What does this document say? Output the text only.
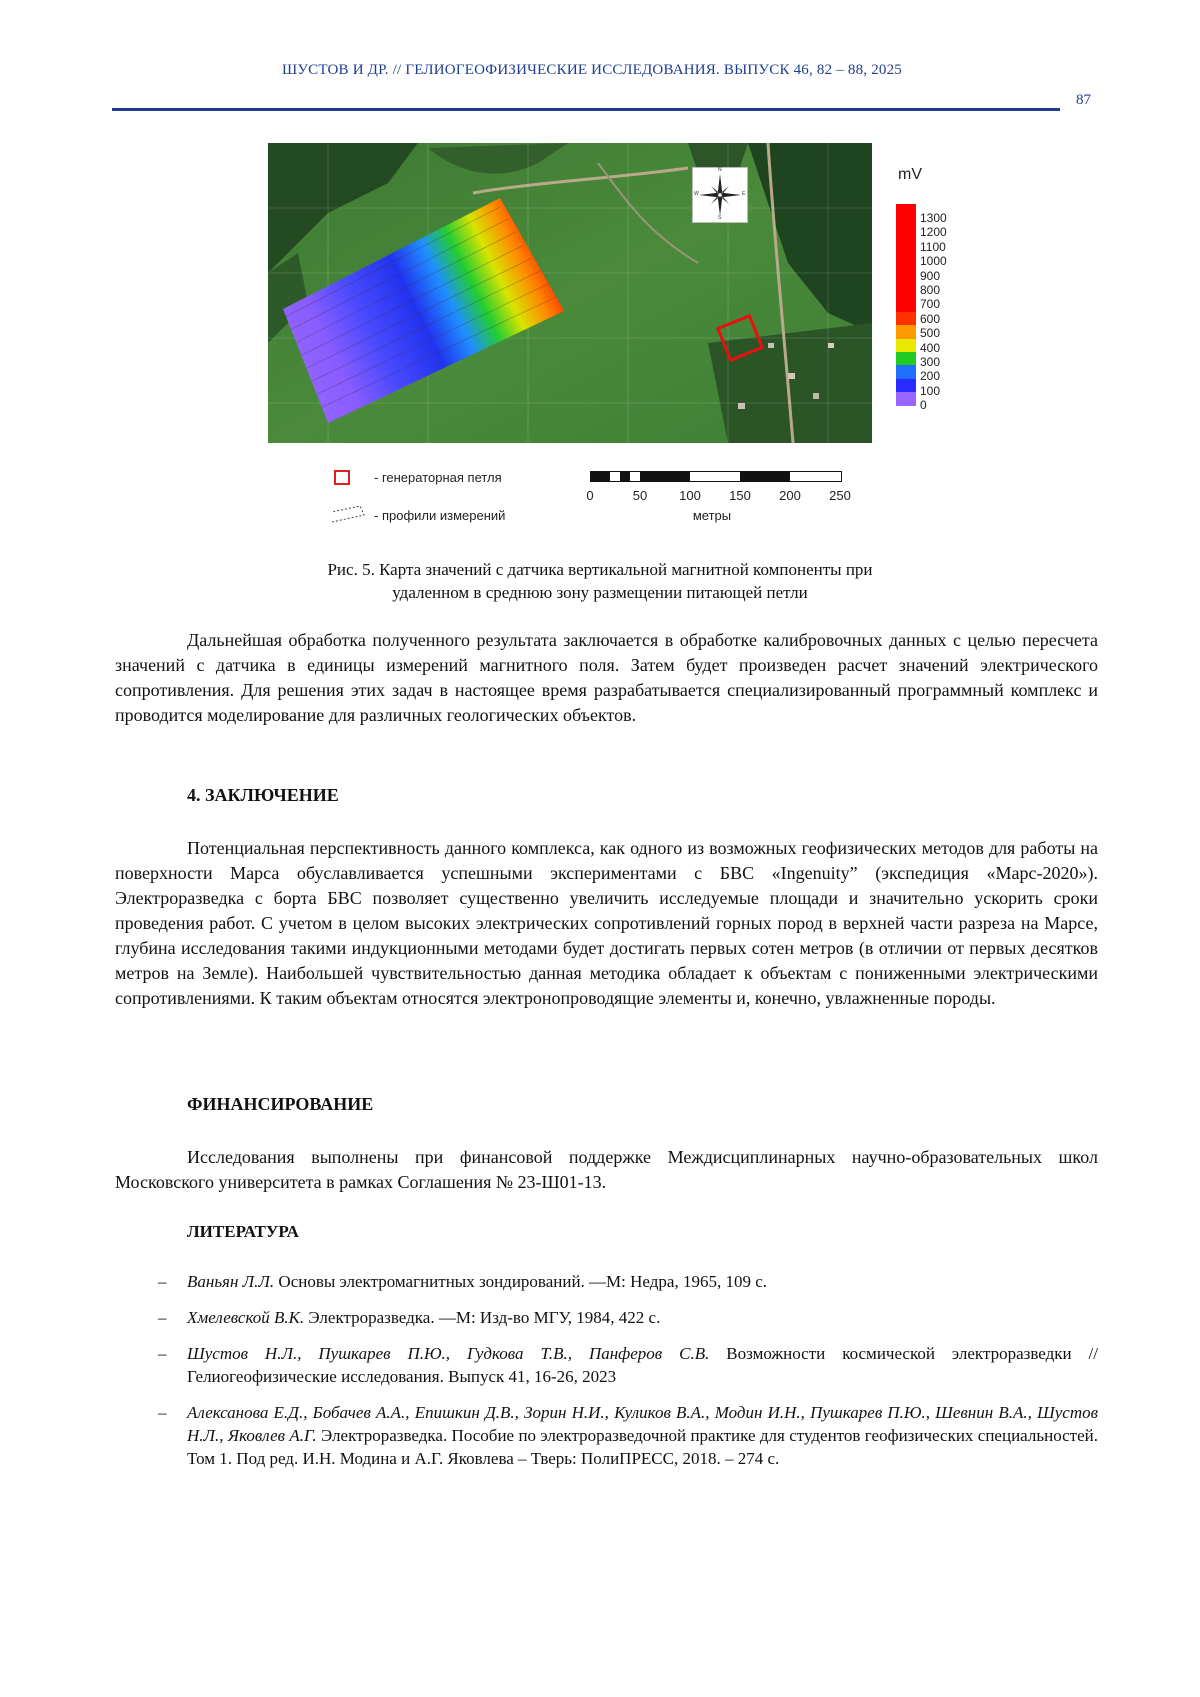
ШУСТОВ И ДР. // ГЕЛИОГЕОФИЗИЧЕСКИЕ ИССЛЕДОВАНИЯ. ВЫПУСК 46, 82 – 88, 2025
87
N
S
W	E
mV
1300
1200
1100
1000
900
800
700
600
500
400
300
200
100
0
- генераторная петля
- профили измерений
0	50 100 150 200 250
метры
Рис. 5. Карта значений с датчика вертикальной магнитной компоненты при
удаленном в среднюю зону размещении питающей петли

Дальнейшая обработка полученного результата заключается в обработке калибровочных данных с целью пересчета значений с датчика в единицы измерений магнитного поля. Затем будет произведен расчет значений электрического сопротивления. Для решения этих задач в настоящее время разрабатывается специализированный программный комплекс и проводится моделирование для различных геологических объектов.

4. ЗАКЛЮЧЕНИЕ

Потенциальная перспективность данного комплекса, как одного из возможных геофизических методов для работы на поверхности Марса обуславливается успешными экспериментами с БВС «Ingenuity” (экспедиция «Марс-2020»). Электроразведка с борта БВС позволяет существенно увеличить исследуемые площади и значительно ускорить сроки проведения работ. С учетом в целом высоких электрических сопротивлений горных пород в верхней части разреза на Марсе, глубина исследования такими индукционными методами будет достигать первых сотен метров (в отличии от первых десятков метров на Земле). Наибольшей чувствительностью данная методика обладает к объектам с пониженными электрическими сопротивлениями. К таким объектам относятся электронопроводящие элементы и, конечно, увлажненные породы.

ФИНАНСИРОВАНИЕ

Исследования выполнены при финансовой поддержке Междисциплинарных научно-образовательных школ Московского университета в рамках Соглашения № 23-Ш01-13.

ЛИТЕРАТУРА
– Ваньян Л.Л. Основы электромагнитных зондирований. —М: Недра, 1965, 109 с.
– Хмелевской В.К. Электроразведка. —М: Изд-во МГУ, 1984, 422 с.
– Шустов Н.Л., Пушкарев П.Ю., Гудкова Т.В., Панферов С.В. Возможности космической электроразведки // Гелиогеофизические исследования. Выпуск 41, 16-26, 2023
– Алексанова Е.Д., Бобачев А.А., Епишкин Д.В., Зорин Н.И., Куликов В.А., Модин И.Н., Пушкарев П.Ю., Шевнин В.А., Шустов Н.Л., Яковлев А.Г. Электроразведка. Пособие по электроразведочной практике для студентов геофизических специальностей. Том 1. Под ред. И.Н. Модина и А.Г. Яковлева – Тверь: ПолиПРЕСС, 2018. – 274 с.
